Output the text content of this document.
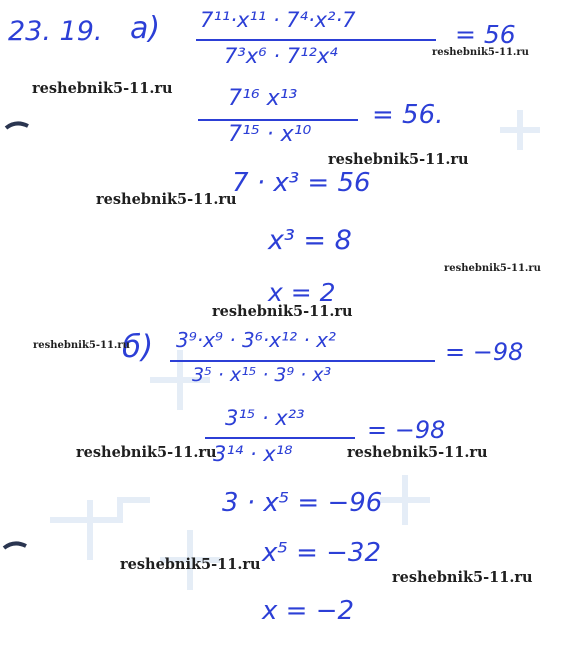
23. 19. а) 7¹¹·x¹¹ · 7⁴·x²·7
7³x⁶ · 7¹²x⁴
= 56
7¹⁶ x¹³
7¹⁵ · x¹⁰
= 56.
7 · x³ = 56
x³ = 8
x = 2
б) 3⁹·x⁹ · 3⁶·x¹² · x²
3⁵ · x¹⁵ · 3⁹ · x³
= −98
3¹⁵ · x²³
3¹⁴ · x¹⁸
= −98
3 · x⁵ = −96
x⁵ = −32
x = −2
reshebnik5-11.ru
reshebnik5-11.ru
reshebnik5-11.ru
reshebnik5-11.ru
reshebnik5-11.ru
reshebnik5-11.ru
reshebnik5-11.ru
reshebnik5-11.ru	reshebnik5-11.ru
reshebnik5-11.ru
reshebnik5-11.ru
